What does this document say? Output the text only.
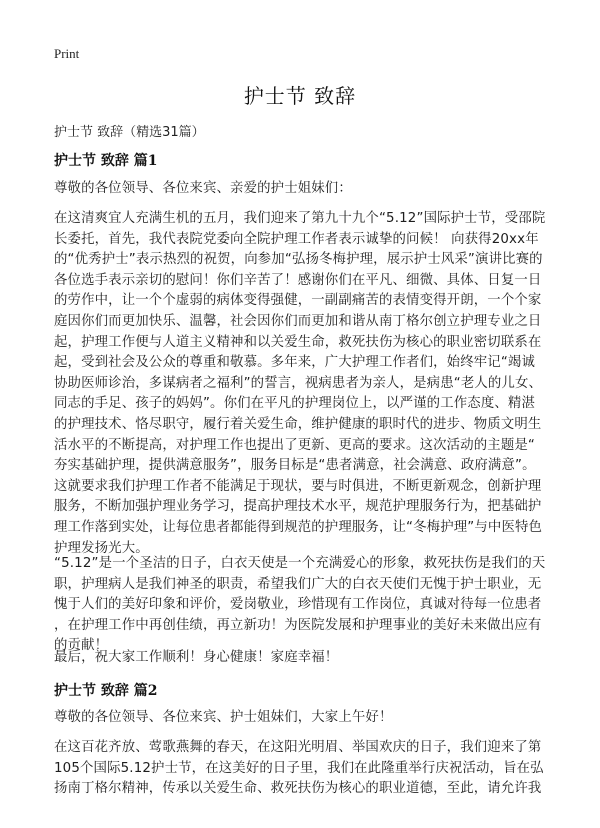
Print
护士节 致辞
护士节 致辞（精选31篇）
护士节 致辞 篇1
尊敬的各位领导、各位来宾、亲爱的护士姐妹们：
在这清爽宜人充满生机的五月，我们迎来了第九十九个“5.12”国际护士节，受邵院
长委托，首先，我代表院党委向全院护理工作者表示诚挚的问候！ 向获得20xx年
的“优秀护士”表示热烈的祝贺，向参加“弘扬冬梅护理，展示护士风采”演讲比赛的
各位选手表示亲切的慰问！你们辛苦了！感谢你们在平凡、细微、具体、日复一日
的劳作中，让一个个虚弱的病体变得强健，一副副痛苦的表情变得开朗，一个个家
庭因你们而更加快乐、温馨，社会因你们而更加和谐从南丁格尔创立护理专业之日
起，护理工作便与人道主义精神和以关爱生命，救死扶伤为核心的职业密切联系在
起，受到社会及公众的尊重和敬慕。多年来，广大护理工作者们，始终牢记“竭诚
协助医师诊治，多谋病者之福利”的誓言，视病患者为亲人，是病患“老人的儿女、
同志的手足、孩子的妈妈”。你们在平凡的护理岗位上，以严谨的工作态度、精湛
的护理技术、恪尽职守，履行着关爱生命，维护健康的职时代的进步、物质文明生
活水平的不断提高，对护理工作也提出了更新、更高的要求。这次活动的主题是“
夯实基础护理，提供满意服务”，服务目标是“患者满意，社会满意、政府满意”。
这就要求我们护理工作者不能满足于现状，要与时俱进，不断更新观念，创新护理
服务，不断加强护理业务学习，提高护理技术水平，规范护理服务行为，把基础护
理工作落到实处，让每位患者都能得到规范的护理服务，让“冬梅护理”与中医特色
护理发扬光大。
“5.12”是一个圣洁的日子，白衣天使是一个充满爱心的形象，救死扶伤是我们的天
职，护理病人是我们神圣的职责，希望我们广大的白衣天使们无愧于护士职业，无
愧于人们的美好印象和评价，爱岗敬业，珍惜现有工作岗位，真诚对待每一位患者
，在护理工作中再创佳绩，再立新功！为医院发展和护理事业的美好未来做出应有
的贡献！
最后，祝大家工作顺利！身心健康！家庭幸福！
护士节 致辞 篇2
尊敬的各位领导、各位来宾、护士姐妹们，大家上午好！
在这百花齐放、莺歌燕舞的春天，在这阳光明眉、举国欢庆的日子，我们迎来了第
105个国际5.12护士节，在这美好的日子里，我们在此隆重举行庆祝活动，旨在弘
扬南丁格尔精神，传承以关爱生命、救死扶伤为核心的职业道德，至此，请允许我
